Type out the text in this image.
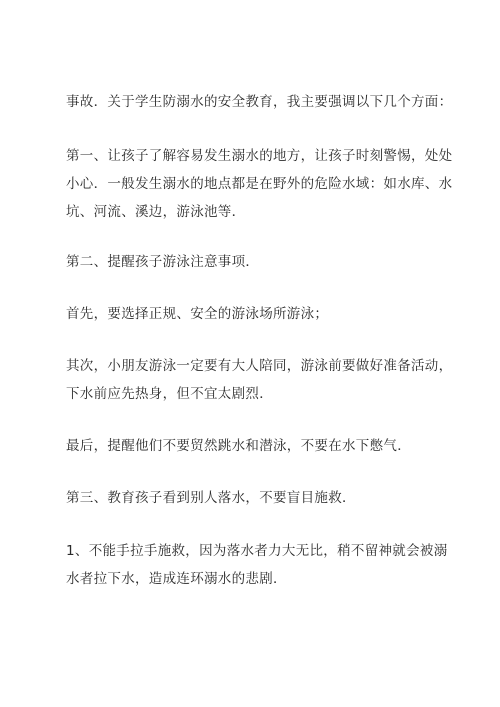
事故．关于学生防溺水的安全教育，我主要强调以下几个方面：

第一、让孩子了解容易发生溺水的地方，让孩子时刻警惕，处处
小心．一般发生溺水的地点都是在野外的危险水域：如水库、水
坑、河流、溪边，游泳池等．

第二、提醒孩子游泳注意事项．

首先，要选择正规、安全的游泳场所游泳；

其次，小朋友游泳一定要有大人陪同，游泳前要做好准备活动，
下水前应先热身，但不宜太剧烈．

最后，提醒他们不要贸然跳水和潜泳，不要在水下憋气．

第三、教育孩子看到别人落水，不要盲目施救．

1、不能手拉手施救，因为落水者力大无比，稍不留神就会被溺
水者拉下水，造成连环溺水的悲剧．
